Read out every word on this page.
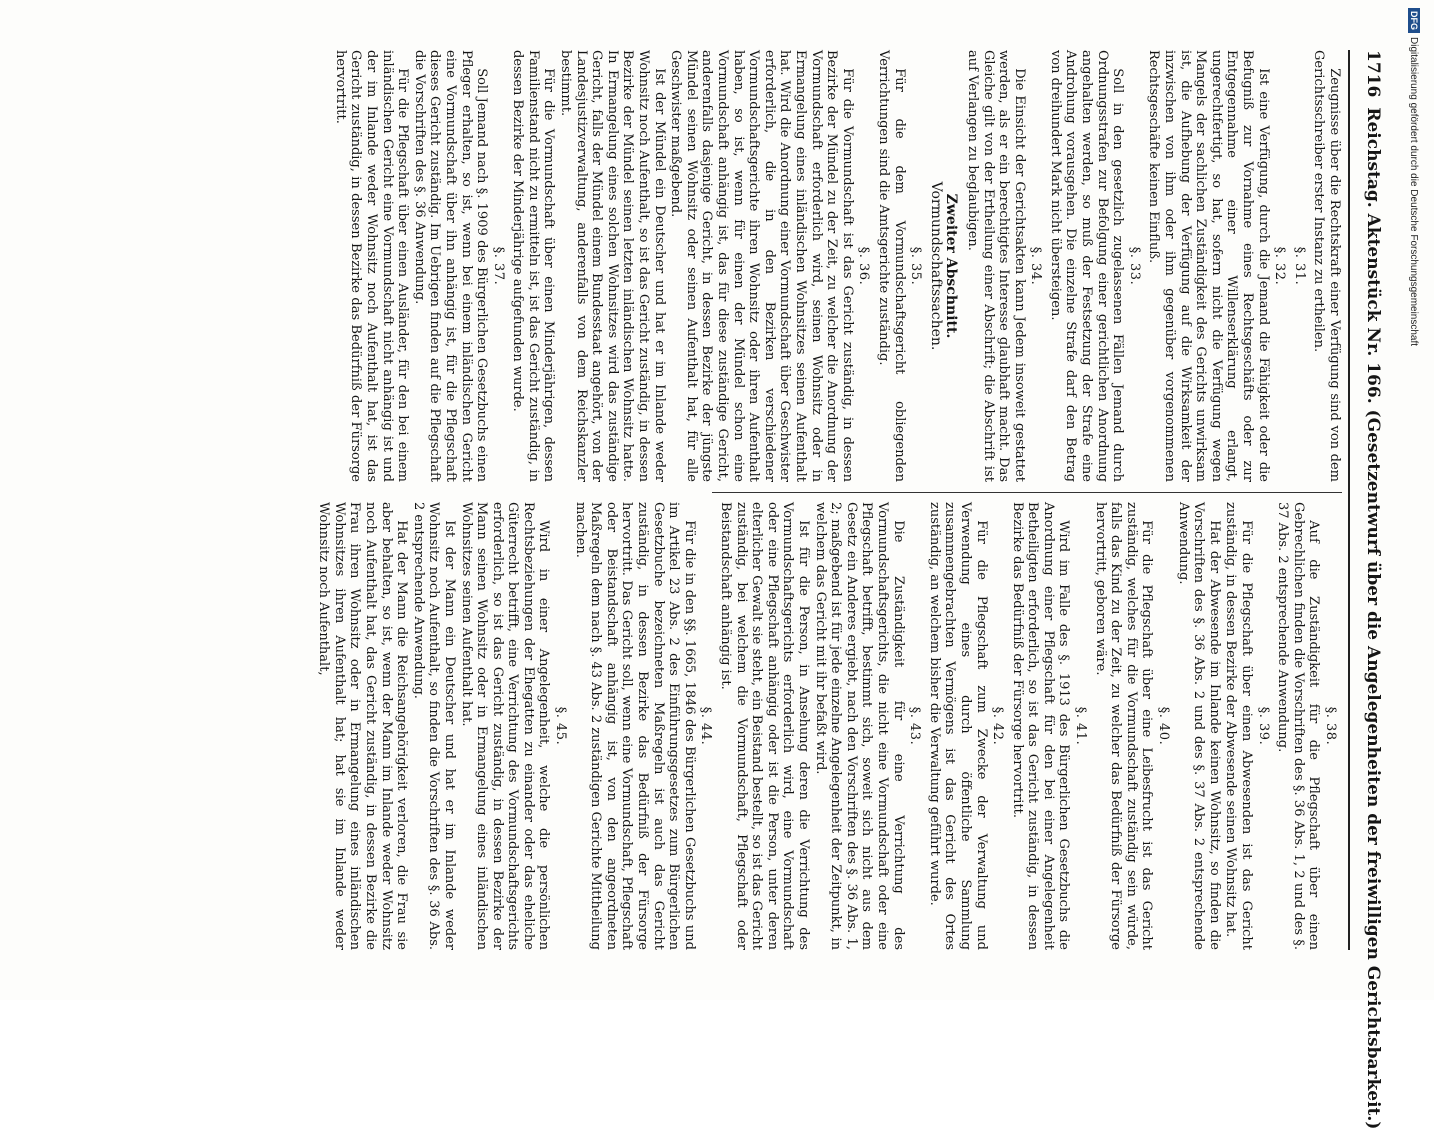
1716Reichstag. Aktenstück Nr. 166. (Gesetzentwurf über die Angelegenheiten der freiwilligen Gerichtsbarkeit.)

Zeugnisse über die Rechtskraft einer Verfügung sind von dem Gerichtsschreiber erster Instanz zu ertheilen.

§. 31.

§. 32.

Ist eine Verfügung, durch die Jemand die Fähigkeit oder die Befugniß zur Vornahme eines Rechtsgeschäfts oder zur Entgegennahme einer Willenserklärung erlangt, ungerechtfertigt, so hat, sofern nicht die Verfügung wegen Mangels der sachlichen Zuständigkeit des Gerichts unwirksam ist, die Aufhebung der Verfügung auf die Wirksamkeit der inzwischen von ihm oder ihm gegenüber vorgenommenen Rechtsgeschäfte keinen Einfluß.

§. 33.

Soll in den gesetzlich zugelassenen Fällen Jemand durch Ordnungsstrafen zur Befolgung einer gerichtlichen Anordnung angehalten werden, so muß der Festsetzung der Strafe eine Androhung vorausgehen. Die einzelne Strafe darf den Betrag von dreihundert Mark nicht übersteigen.

§. 34.

Die Einsicht der Gerichtsakten kann Jedem insoweit gestattet werden, als er ein berechtigtes Interesse glaubhaft macht. Das Gleiche gilt von der Ertheilung einer Abschrift; die Abschrift ist auf Verlangen zu beglaubigen.

Zweiter Abschnitt.

Vormundschaftssachen.

§. 35.

Für die dem Vormundschaftsgericht obliegenden Verrichtungen sind die Amtsgerichte zuständig.

§. 36.

Für die Vormundschaft ist das Gericht zuständig, in dessen Bezirke der Mündel zu der Zeit, zu welcher die Anordnung der Vormundschaft erforderlich wird, seinen Wohnsitz oder in Ermangelung eines inländischen Wohnsitzes seinen Aufenthalt hat. Wird die Anordnung einer Vormundschaft über Geschwister erforderlich, die in den Bezirken verschiedener Vormundschaftsgerichte ihren Wohnsitz oder ihren Aufenthalt haben, so ist, wenn für einen der Mündel schon eine Vormundschaft anhängig ist, das für diese zuständige Gericht, anderenfalls dasjenige Gericht, in dessen Bezirke der jüngste Mündel seinen Wohnsitz oder seinen Aufenthalt hat, für alle Geschwister maßgebend.

Ist der Mündel ein Deutscher und hat er im Inlande weder Wohnsitz noch Aufenthalt, so ist das Gericht zuständig, in dessen Bezirke der Mündel seinen letzten inländischen Wohnsitz hatte. In Ermangelung eines solchen Wohnsitzes wird das zuständige Gericht, falls der Mündel einem Bundesstaat angehört, von der Landesjustizverwaltung, anderenfalls von dem Reichskanzler bestimmt.

Für die Vormundschaft über einen Minderjährigen, dessen Familienstand nicht zu ermitteln ist, ist das Gericht zuständig, in dessen Bezirke der Minderjährige aufgefunden wurde.

§. 37.

Soll Jemand nach §. 1909 des Bürgerlichen Gesetzbuchs einen Pfleger erhalten, so ist, wenn bei einem inländischen Gericht eine Vormundschaft über ihn anhängig ist, für die Pflegschaft dieses Gericht zuständig. Im Uebrigen finden auf die Pflegschaft die Vorschriften des §. 36 Anwendung.

Für die Pflegschaft über einen Ausländer, für den bei einem inländischen Gericht eine Vormundschaft nicht anhängig ist und der im Inlande weder Wohnsitz noch Aufenthalt hat, ist das Gericht zuständig, in dessen Bezirke das Bedürfniß der Fürsorge hervortritt.

§. 38.

Auf die Zuständigkeit für die Pflegschaft über einen Gebrechlichen finden die Vorschriften des §. 36 Abs. 1, 2 und des §. 37 Abs. 2 entsprechende Anwendung.

§. 39.

Für die Pflegschaft über einen Abwesenden ist das Gericht zuständig, in dessen Bezirke der Abwesende seinen Wohnsitz hat.

Hat der Abwesende im Inlande keinen Wohnsitz, so finden die Vorschriften des §. 36 Abs. 2 und des §. 37 Abs. 2 entsprechende Anwendung.

§. 40.

Für die Pflegschaft über eine Leibesfrucht ist das Gericht zuständig, welches für die Vormundschaft zuständig sein würde, falls das Kind zu der Zeit, zu welcher das Bedürfniß der Fürsorge hervortritt, geboren wäre.

§. 41.

Wird im Falle des §. 1913 des Bürgerlichen Gesetzbuchs die Anordnung einer Pflegschaft für den bei einer Angelegenheit Betheiligten erforderlich, so ist das Gericht zuständig, in dessen Bezirke das Bedürfniß der Fürsorge hervortritt.

§. 42.

Für die Pflegschaft zum Zwecke der Verwaltung und Verwendung eines durch öffentliche Sammlung zusammengebrachten Vermögens ist das Gericht des Ortes zuständig, an welchem bisher die Verwaltung geführt wurde.

§. 43.

Die Zuständigkeit für eine Verrichtung des Vormundschaftsgerichts, die nicht eine Vormundschaft oder eine Pflegschaft betrifft, bestimmt sich, soweit sich nicht aus dem Gesetz ein Anderes ergiebt, nach den Vorschriften des §. 36 Abs. 1, 2; maßgebend ist für jede einzelne Angelegenheit der Zeitpunkt, in welchem das Gericht mit ihr befaßt wird.

Ist für die Person, in Ansehung deren die Verrichtung des Vormundschaftsgerichts erforderlich wird, eine Vormundschaft oder eine Pflegschaft anhängig oder ist die Person, unter deren elterlicher Gewalt sie steht, ein Beistand bestellt, so ist das Gericht zuständig, bei welchem die Vormundschaft, Pflegschaft oder Beistandschaft anhängig ist.

§. 44.

Für die in den §§. 1665, 1846 des Bürgerlichen Gesetzbuchs und im Artikel 23 Abs. 2 des Einführungsgesetzes zum Bürgerlichen Gesetzbuche bezeichneten Maßregeln ist auch das Gericht zuständig, in dessen Bezirke das Bedürfniß der Fürsorge hervortritt. Das Gericht soll, wenn eine Vormundschaft, Pflegschaft oder Beistandschaft anhängig ist, von den angeordneten Maßregeln dem nach §. 43 Abs. 2 zuständigen Gerichte Mittheilung machen.

§. 45.

Wird in einer Angelegenheit, welche die persönlichen Rechtsbeziehungen der Ehegatten zu einander oder das eheliche Güterrecht betrifft, eine Verrichtung des Vormundschaftsgerichts erforderlich, so ist das Gericht zuständig, in dessen Bezirke der Mann seinen Wohnsitz oder in Ermangelung eines inländischen Wohnsitzes seinen Aufenthalt hat.

Ist der Mann ein Deutscher und hat er im Inlande weder Wohnsitz noch Aufenthalt, so finden die Vorschriften des §. 36 Abs. 2 entsprechende Anwendung.

Hat der Mann die Reichsangehörigkeit verloren, die Frau sie aber behalten, so ist, wenn der Mann im Inlande weder Wohnsitz noch Aufenthalt hat, das Gericht zuständig, in dessen Bezirke die Frau ihren Wohnsitz oder in Ermangelung eines inländischen Wohnsitzes ihren Aufenthalt hat; hat sie im Inlande weder Wohnsitz noch Aufenthalt,

DFGDigitalisierung gefördert durch die Deutsche Forschungsgemeinschaft
